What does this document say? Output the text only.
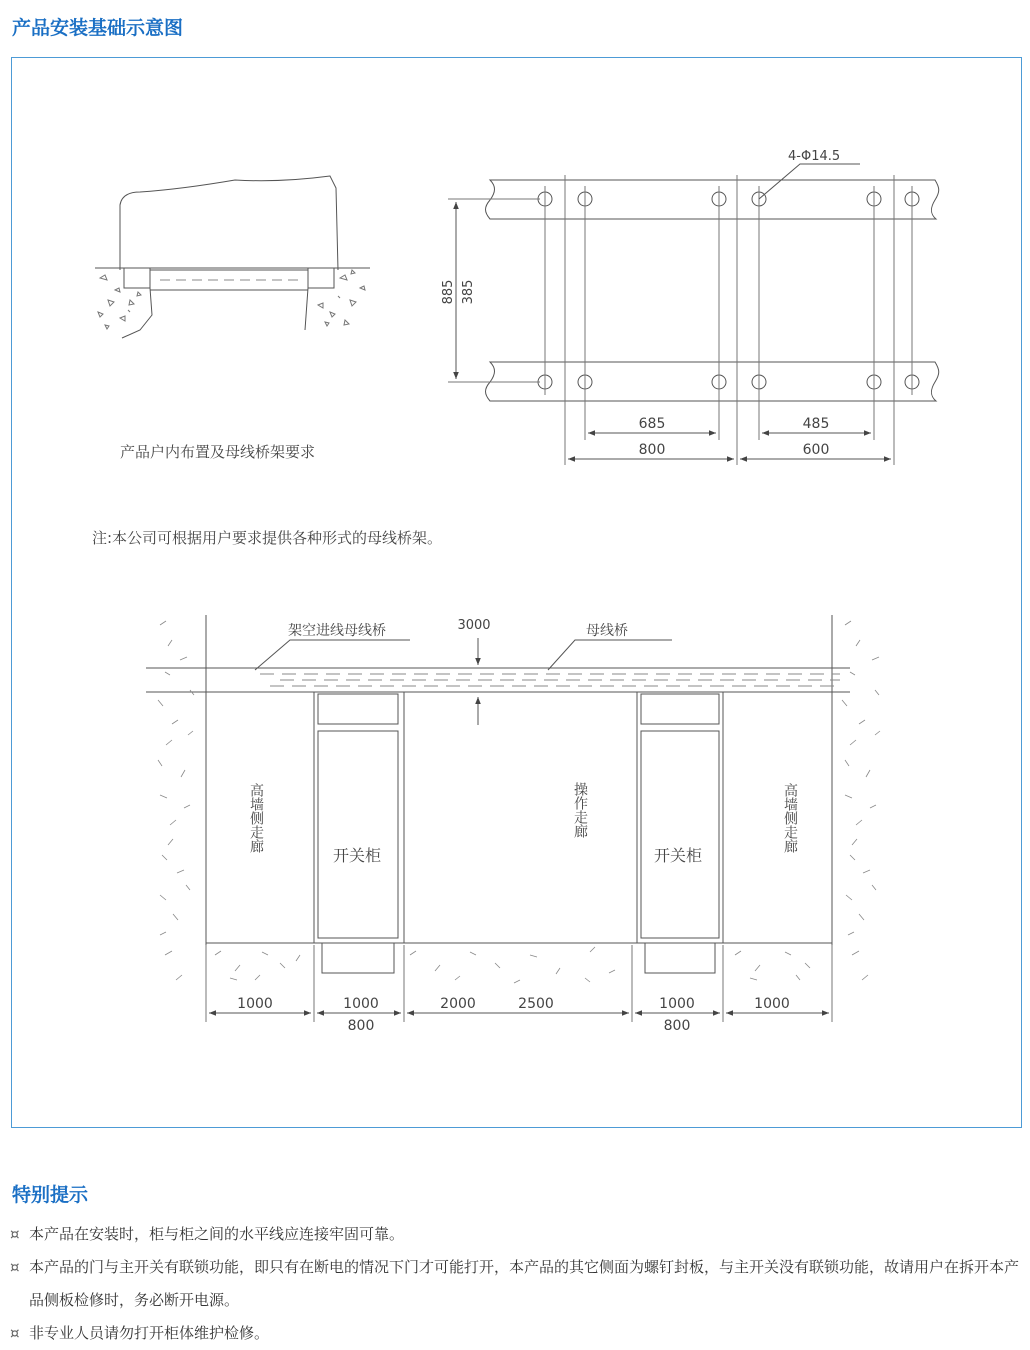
产品安装基础示意图
4-Φ14.5
885 385
685	485
800	600
产品户内布置及母线桥架要求
注:本公司可根据用户要求提供各种形式的母线桥架。
架空进线母线桥	母线桥
3000
高墙侧走廊	操作走廊	高墙侧走廊
开关柜	开关柜
1000	1000
800
2000	2500	1000
800
1000
特别提示
¤ 本产品在安装时，柜与柜之间的水平线应连接牢固可靠。
¤ 本产品的门与主开关有联锁功能，即只有在断电的情况下门才可能打开，本产品的其它侧面为螺钉封板，与主开关没有联锁功能，故请用户在拆开本产品侧板检修时，务必断开电源。
¤ 非专业人员请勿打开柜体维护检修。
